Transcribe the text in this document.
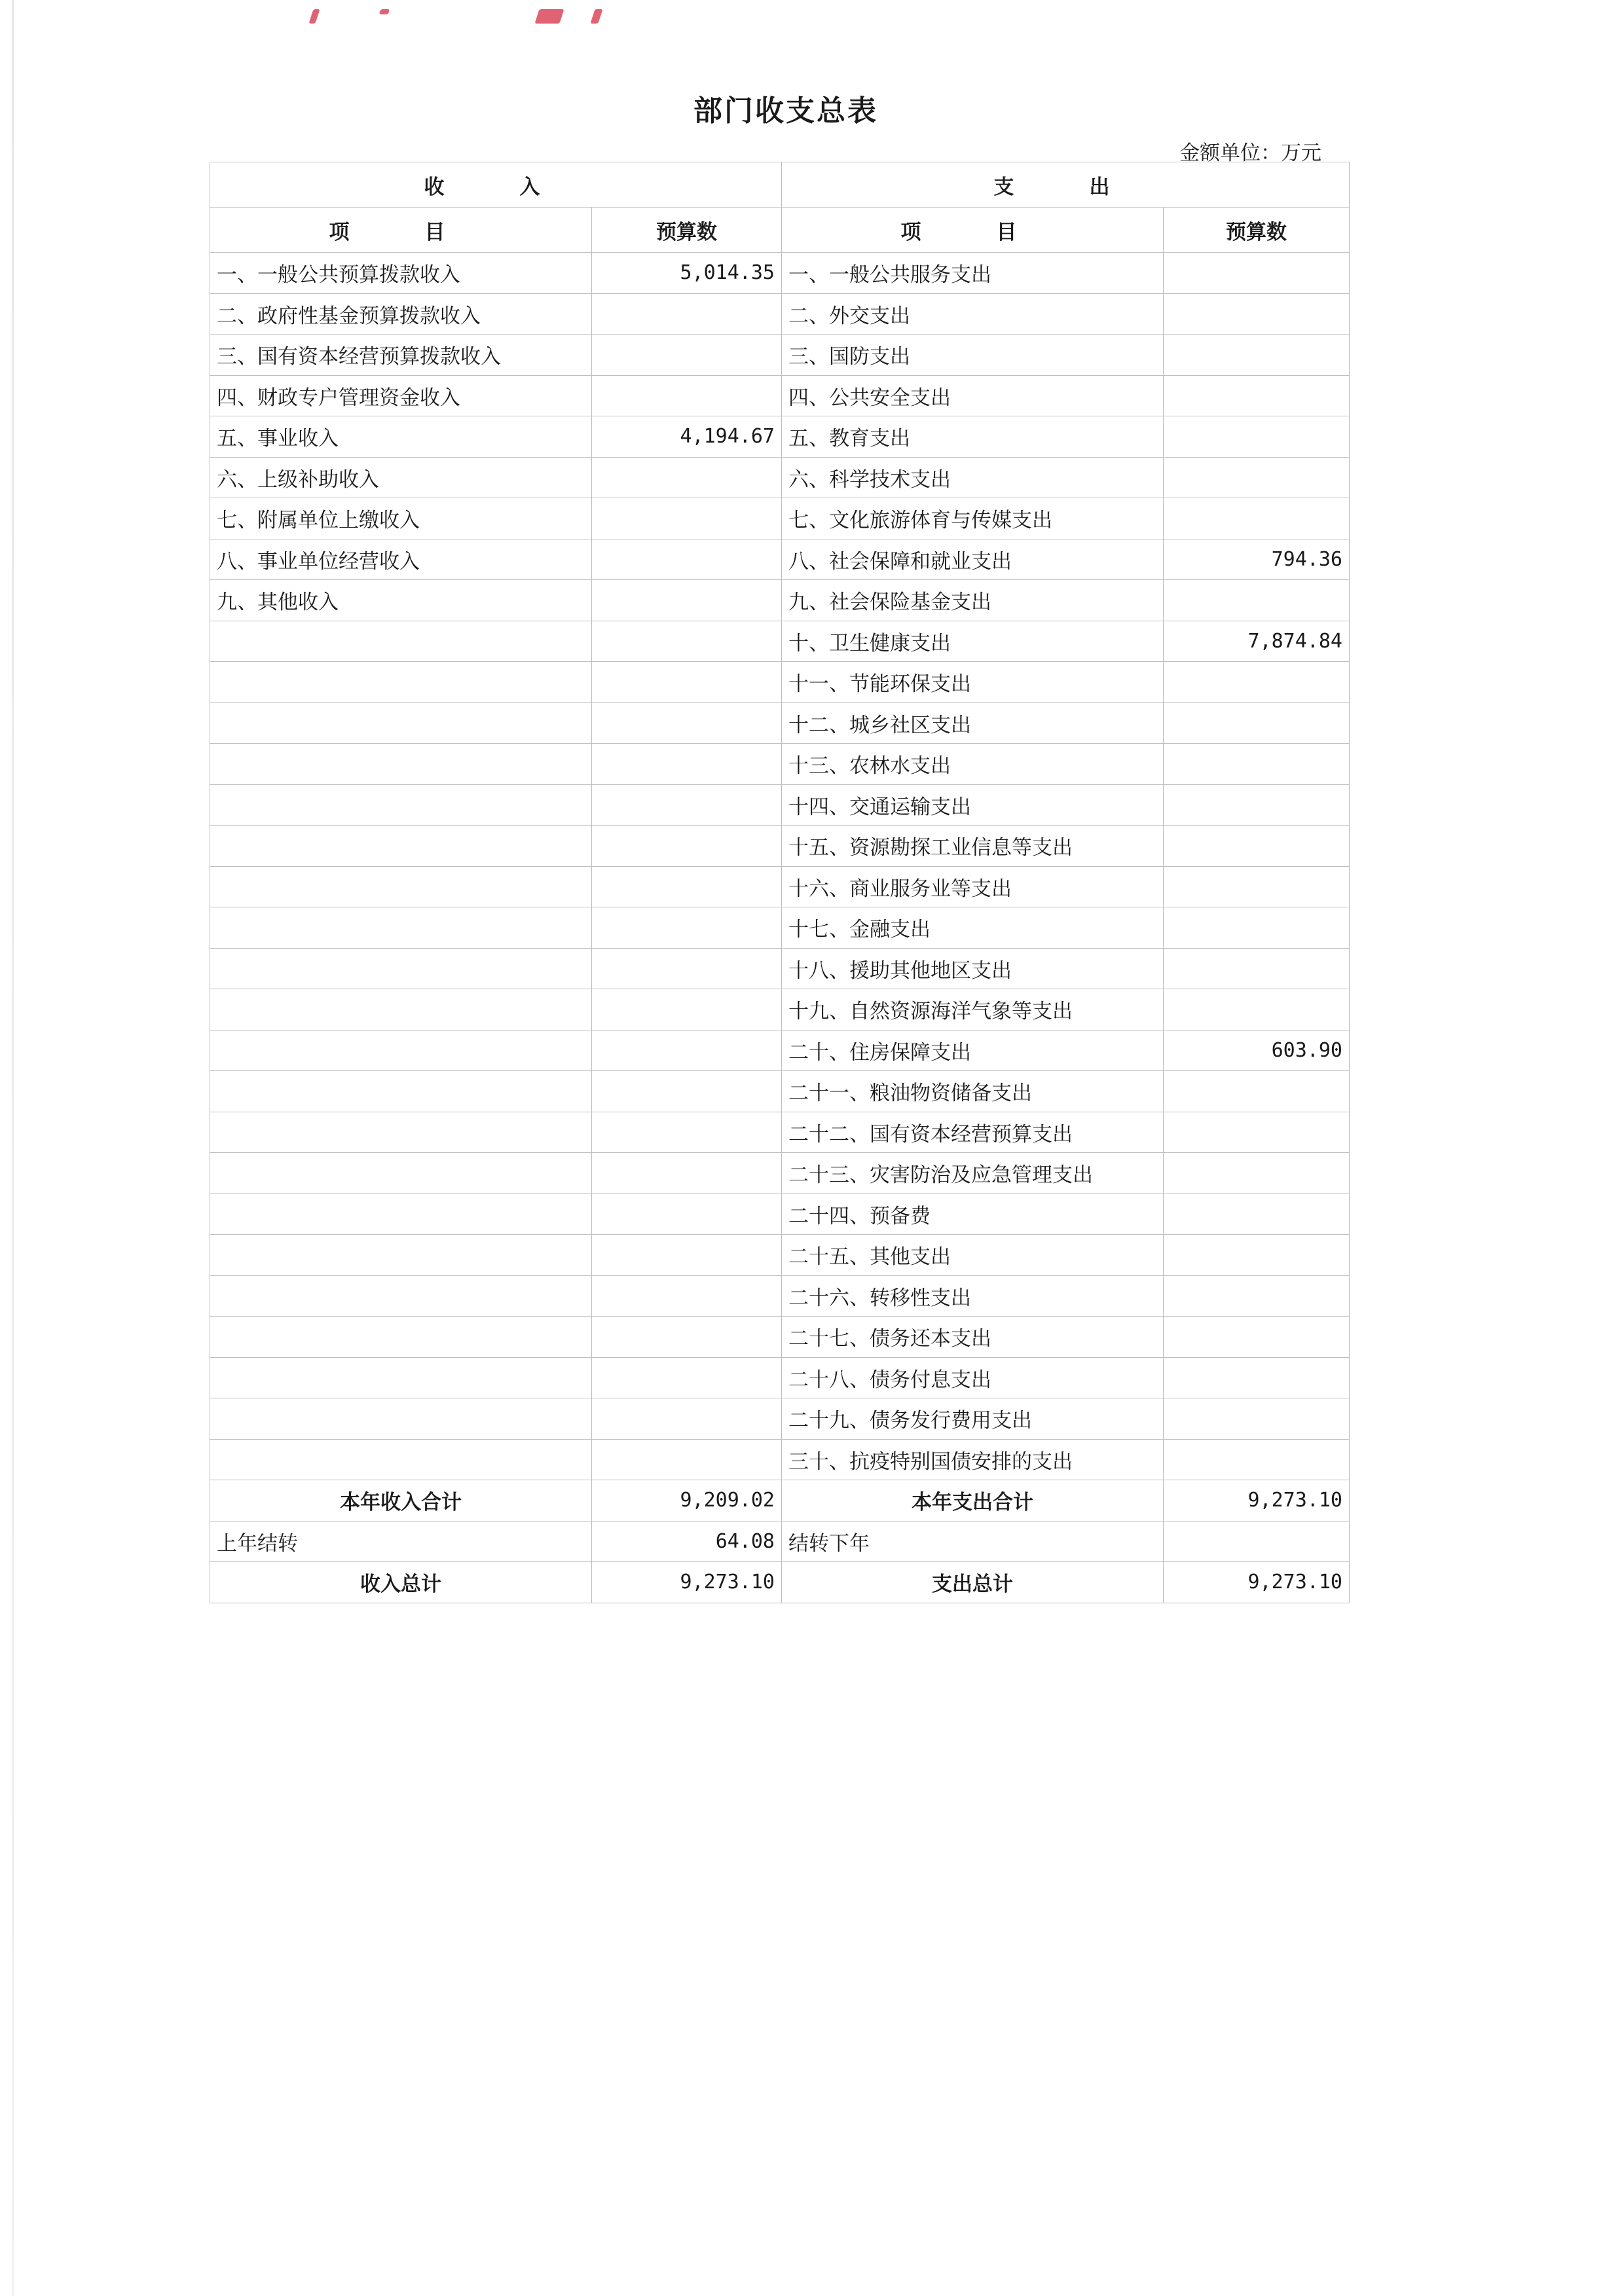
部门收支总表
金额单位：万元
收　入		支　出	
项　目	预算数	项　目	预算数
一、一般公共预算拨款收入	5,014.35	一、一般公共服务支出	
二、政府性基金预算拨款收入		二、外交支出	
三、国有资本经营预算拨款收入		三、国防支出	
四、财政专户管理资金收入		四、公共安全支出	
五、事业收入	4,194.67	五、教育支出	
六、上级补助收入		六、科学技术支出	
七、附属单位上缴收入		七、文化旅游体育与传媒支出	
八、事业单位经营收入		八、社会保障和就业支出	794.36
九、其他收入		九、社会保险基金支出	
		十、卫生健康支出	7,874.84
		十一、节能环保支出	
		十二、城乡社区支出	
		十三、农林水支出	
		十四、交通运输支出	
		十五、资源勘探工业信息等支出	
		十六、商业服务业等支出	
		十七、金融支出	
		十八、援助其他地区支出	
		十九、自然资源海洋气象等支出	
		二十、住房保障支出	603.90
		二十一、粮油物资储备支出	
		二十二、国有资本经营预算支出	
		二十三、灾害防治及应急管理支出	
		二十四、预备费	
		二十五、其他支出	
		二十六、转移性支出	
		二十七、债务还本支出	
		二十八、债务付息支出	
		二十九、债务发行费用支出	
		三十、抗疫特别国债安排的支出	
本年收入合计	9,209.02	本年支出合计	9,273.10
上年结转	64.08	结转下年	
收入总计	9,273.10	支出总计	9,273.10
